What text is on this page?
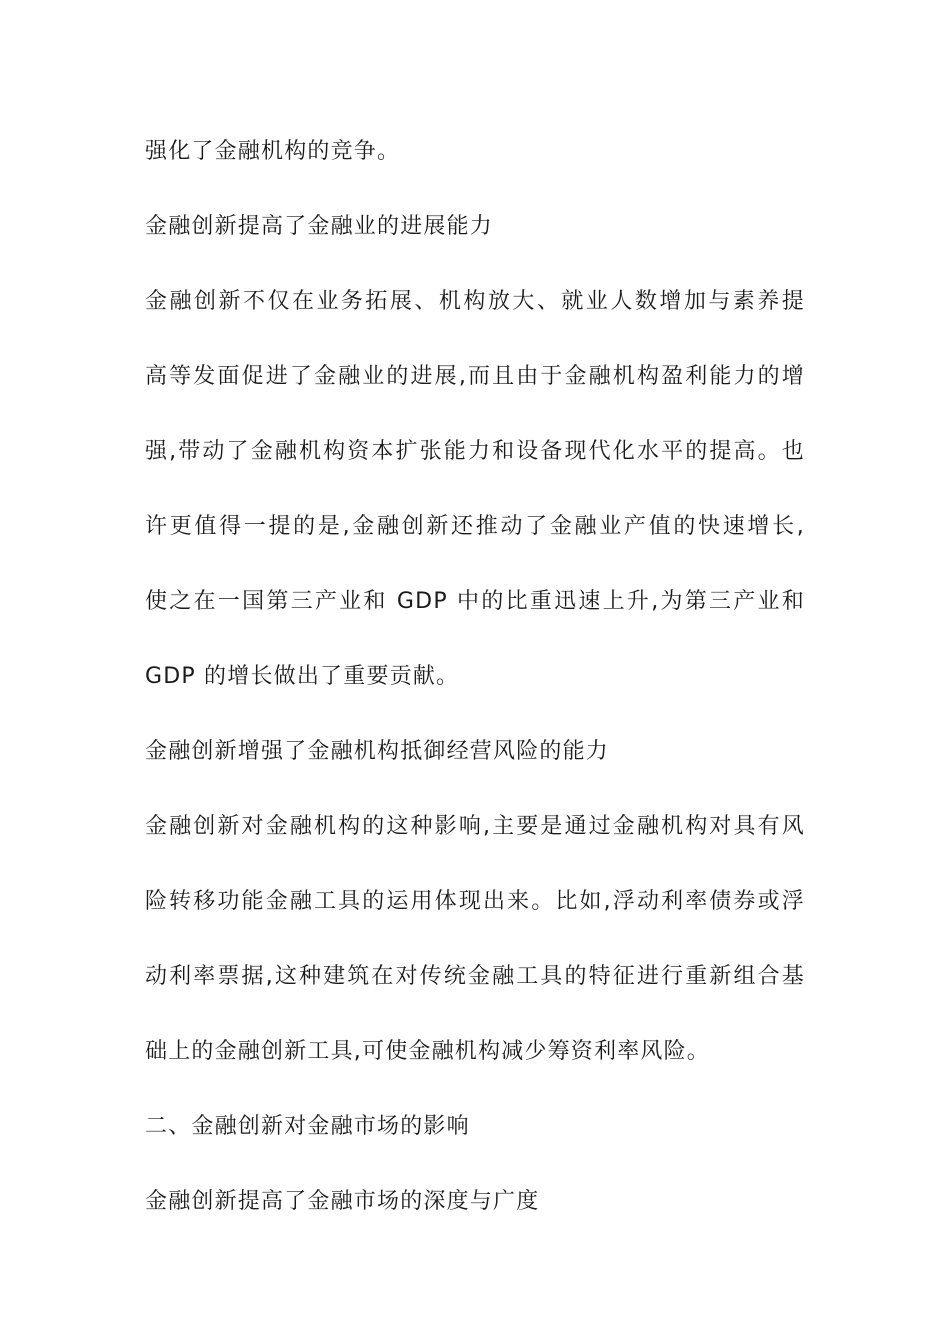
强化了金融机构的竞争。
金融创新提高了金融业的进展能力
金融创新不仅在业务拓展、机构放大、就业人数增加与素养提
高等发面促进了金融业的进展,而且由于金融机构盈利能力的增
强,带动了金融机构资本扩张能力和设备现代化水平的提高。也
许更值得一提的是,金融创新还推动了金融业产值的快速增长,
使之在一国第三产业和 GDP 中的比重迅速上升,为第三产业和
GDP 的增长做出了重要贡献。
金融创新增强了金融机构抵御经营风险的能力
金融创新对金融机构的这种影响,主要是通过金融机构对具有风
险转移功能金融工具的运用体现出来。比如,浮动利率债券或浮
动利率票据,这种建筑在对传统金融工具的特征进行重新组合基
础上的金融创新工具,可使金融机构减少筹资利率风险。
二、金融创新对金融市场的影响
金融创新提高了金融市场的深度与广度
